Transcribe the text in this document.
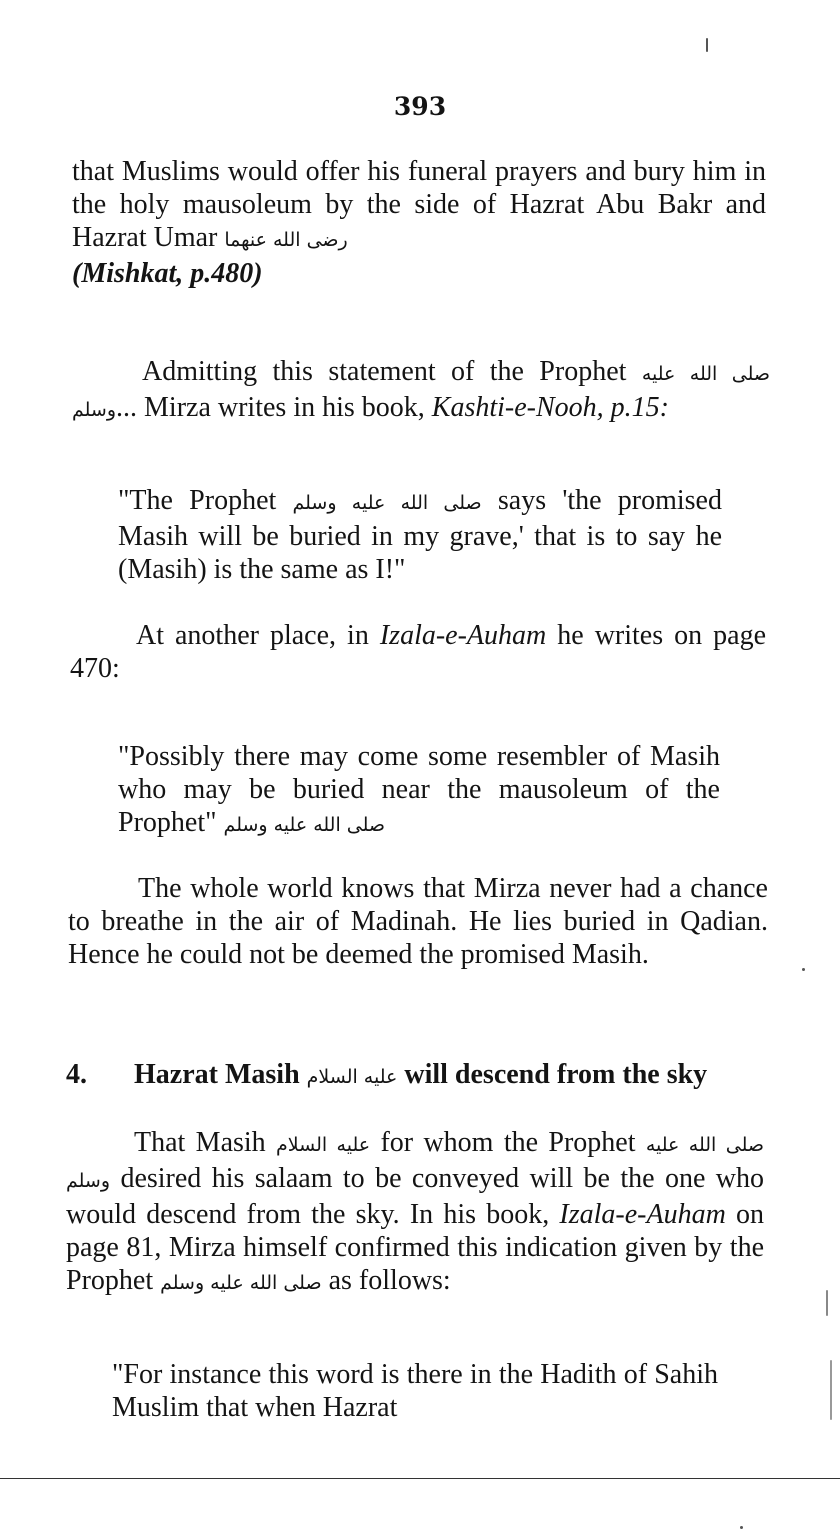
393

that Muslims would offer his funeral prayers and bury him in the holy mausoleum by the side of Hazrat Abu Bakr and Hazrat Umar رضی الله عنهما
(Mishkat, p.480)

Admitting this statement of the Prophet صلی الله علیه وسلم... Mirza writes in his book, Kashti-e-Nooh, p.15:

"The Prophet صلی الله علیه وسلم says 'the promised Masih will be buried in my grave,' that is to say he (Masih) is the same as I!"

At another place, in Izala-e-Auham he writes on page 470:

"Possibly there may come some resembler of Masih who may be buried near the mausoleum of the Prophet" صلی الله علیه وسلم

The whole world knows that Mirza never had a chance to breathe in the air of Madinah. He lies buried in Qadian. Hence he could not be deemed the promised Masih.

4. Hazrat Masih علیه السلام will descend from the sky

That Masih علیه السلام for whom the Prophet صلی الله علیه وسلم desired his salaam to be conveyed will be the one who would descend from the sky. In his book, Izala-e-Auham on page 81, Mirza himself confirmed this indication given by the Prophet صلی الله علیه وسلم as follows:

"For instance this word is there in the Hadith of Sahih Muslim that when Hazrat
